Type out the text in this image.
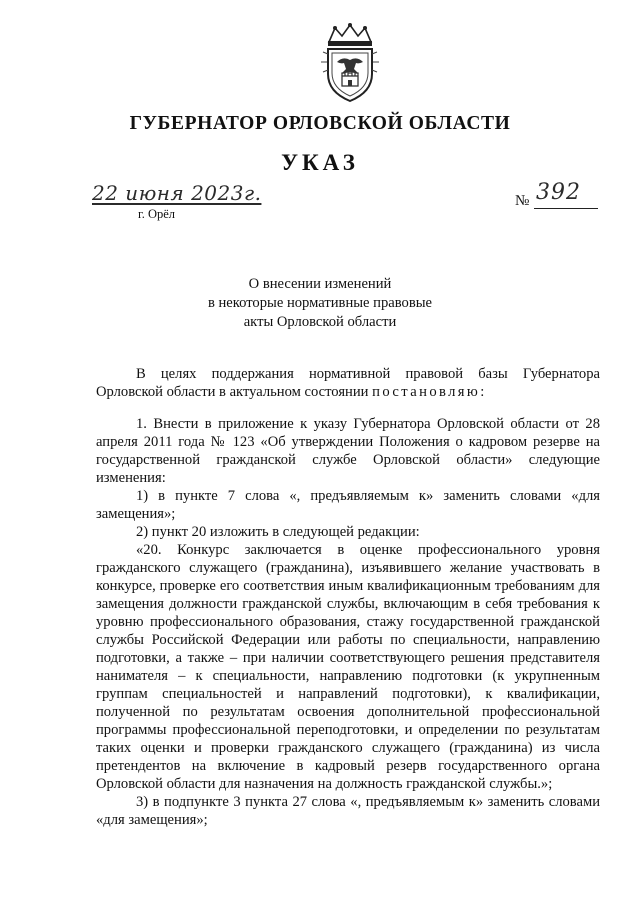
ГУБЕРНАТОР ОРЛОВСКОЙ ОБЛАСТИ
УКАЗ
22 июня 2023г.
г. Орёл
№ 392
О внесении изменений
в некоторые нормативные правовые
акты Орловской области

В целях поддержания нормативной правовой базы Губернатора Орловской области в актуальном состоянии постановляю:

1. Внести в приложение к указу Губернатора Орловской области от 28 апреля 2011 года № 123 «Об утверждении Положения о кадровом резерве на государственной гражданской службе Орловской области» следующие изменения:

1) в пункте 7 слова «, предъявляемым к» заменить словами «для замещения»;

2) пункт 20 изложить в следующей редакции:

«20. Конкурс заключается в оценке профессионального уровня гражданского служащего (гражданина), изъявившего желание участвовать в конкурсе, проверке его соответствия иным квалификационным требованиям для замещения должности гражданской службы, включающим в себя требования к уровню профессионального образования, стажу государственной гражданской службы Российской Федерации или работы по специальности, направлению подготовки, а также – при наличии соответствующего решения представителя нанимателя – к специальности, направлению подготовки (к укрупненным группам специальностей и направлений подготовки), к квалификации, полученной по результатам освоения дополнительной профессиональной программы профессиональной переподготовки, и определении по результатам таких оценки и проверки гражданского служащего (гражданина) из числа претендентов на включение в кадровый резерв государственного органа Орловской области для назначения на должность гражданской службы.»;

3) в подпункте 3 пункта 27 слова «, предъявляемым к» заменить словами «для замещения»;
